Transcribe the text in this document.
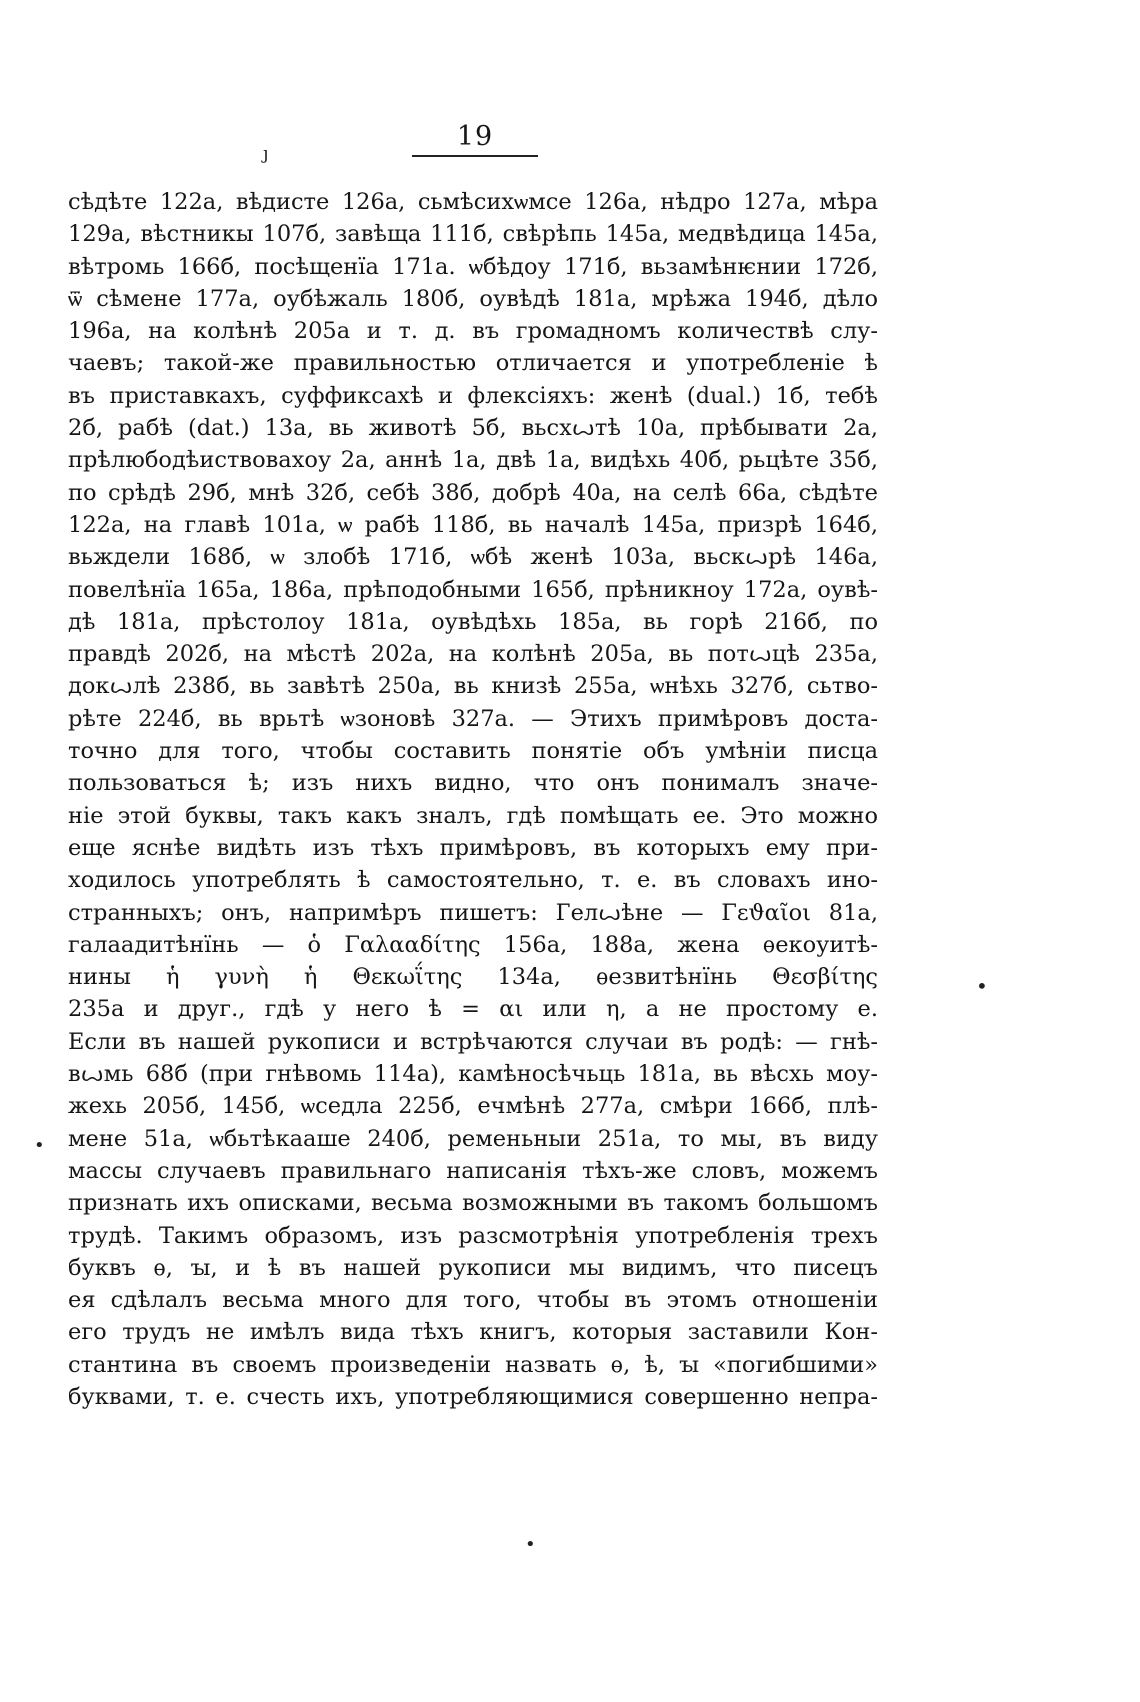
19
ȷ
•
•
•
сѣдѣте 122а, вѣдисте 126а, сьмѣсихѡмсе 126а, нѣдро 127а, мѣра
129а, вѣстникы 107б, завѣща 111б, свѣрѣпь 145а, медвѣдица 145а,
вѣтромь 166б, посѣщенїа 171а. ѡбѣдоу 171б, вьзамѣнѥнии 172б,
ѿ сѣмене 177а, оубѣжаль 180б, оувѣдѣ 181а, мрѣжа 194б, дѣло
196а, на колѣнѣ 205а и т. д. въ громадномъ количествѣ слу-
чаевъ; такой-же правильностью отличается и употребленіе ѣ
въ приставкахъ, суффиксахѣ и флексіяхъ: женѣ (dual.) 1б, тебѣ
2б, рабѣ (dat.) 13а, вь животѣ 5б, вьсхꙍтѣ 10а, прѣбывати 2а,
прѣлюбодѣиствовахоу 2а, аннѣ 1а, двѣ 1а, видѣхь 40б, рьцѣте 35б,
по срѣдѣ 29б, мнѣ 32б, себѣ 38б, добрѣ 40а, на селѣ 66а, сѣдѣте
122а, на главѣ 101а, ѡ рабѣ 118б, вь началѣ 145а, призрѣ 164б,
вьждели 168б, ѡ злобѣ 171б, ѡбѣ женѣ 103а, вьскꙍрѣ 146а,
повелѣнїа 165а, 186а, прѣподобными 165б, прѣникноу 172а, оувѣ-
дѣ 181а, прѣстолоу 181а, оувѣдѣхь 185а, вь горѣ 216б, по
правдѣ 202б, на мѣстѣ 202а, на колѣнѣ 205а, вь потꙍцѣ 235а,
докꙍлѣ 238б, вь завѣтѣ 250а, вь книзѣ 255а, ѡнѣхь 327б, сьтво-
рѣте 224б, вь врьтѣ ѡзоновѣ 327а. — Этихъ примѣровъ доста-
точно для того, чтобы составить понятіе объ умѣніи писца
пользоваться ѣ; изъ нихъ видно, что онъ понималъ значе-
ніе этой буквы, такъ какъ зналъ, гдѣ помѣщать ее. Это можно
еще яснѣе видѣть изъ тѣхъ примѣровъ, въ которыхъ ему при-
ходилось употреблять ѣ самостоятельно, т. е. въ словахъ ино-
странныхъ; онъ, напримѣръ пишетъ: Гелꙍѣне — Γεϑαῖοι 81а,
галаадитѣнїнь — ὁ Γαλααδίτης 156а, 188а, жена ѳекоуитѣ-
нины ἡ γυνὴ ἡ Θεκωΐτης 134а, ѳезвитѣнїнь Θεσβίτης
235а и друг., гдѣ у него ѣ = αι или η, а не простому е.
Если въ нашей рукописи и встрѣчаются случаи въ родѣ: — гнѣ-
вꙍмь 68б (при гнѣвомь 114а), камѣносѣчьць 181а, вь вѣсхь моу-
жехь 205б, 145б, ѡседла 225б, ечмѣнѣ 277а, смѣри 166б, плѣ-
мене 51а, ѡбьтѣкааше 240б, ременьныи 251а, то мы, въ виду
массы случаевъ правильнаго написанія тѣхъ-же словъ, можемъ
признать ихъ описками, весьма возможными въ такомъ большомъ
трудѣ. Такимъ образомъ, изъ разсмотрѣнія употребленія трехъ
буквъ ѳ, ꙑ, и ѣ въ нашей рукописи мы видимъ, что писецъ
ея сдѣлалъ весьма много для того, чтобы въ этомъ отношеніи
его трудъ не имѣлъ вида тѣхъ книгъ, которыя заставили Кон-
стантина въ своемъ произведеніи назвать ѳ, ѣ, ꙑ «погибшими»
буквами, т. е. счесть ихъ, употребляющимися совершенно непра-
